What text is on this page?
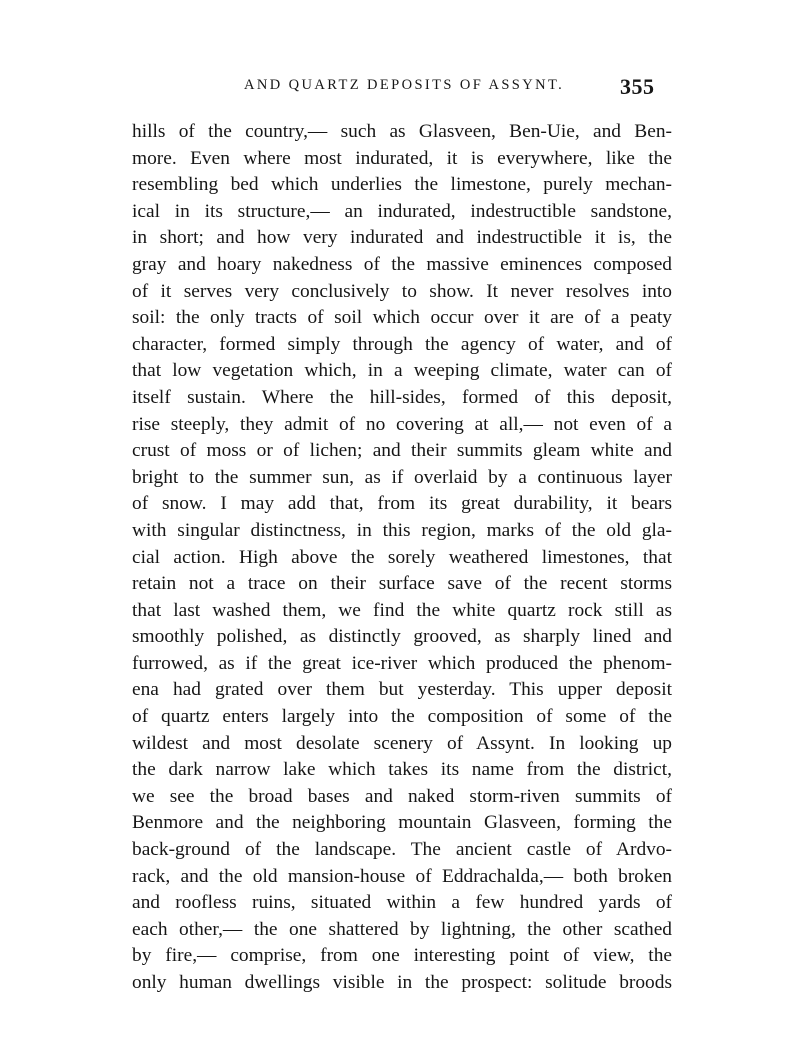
AND QUARTZ DEPOSITS OF ASSYNT.	355
hills of the country,— such as Glasveen, Ben-Uie, and Ben-
more. Even where most indurated, it is everywhere, like the
resembling bed which underlies the limestone, purely mechan-
ical in its structure,— an indurated, indestructible sandstone,
in short; and how very indurated and indestructible it is, the
gray and hoary nakedness of the massive eminences composed
of it serves very conclusively to show. It never resolves into
soil: the only tracts of soil which occur over it are of a peaty
character, formed simply through the agency of water, and of
that low vegetation which, in a weeping climate, water can of
itself sustain. Where the hill-sides, formed of this deposit,
rise steeply, they admit of no covering at all,— not even of a
crust of moss or of lichen; and their summits gleam white and
bright to the summer sun, as if overlaid by a continuous layer
of snow. I may add that, from its great durability, it bears
with singular distinctness, in this region, marks of the old gla-
cial action. High above the sorely weathered limestones, that
retain not a trace on their surface save of the recent storms
that last washed them, we find the white quartz rock still as
smoothly polished, as distinctly grooved, as sharply lined and
furrowed, as if the great ice-river which produced the phenom-
ena had grated over them but yesterday. This upper deposit
of quartz enters largely into the composition of some of the
wildest and most desolate scenery of Assynt. In looking up
the dark narrow lake which takes its name from the district,
we see the broad bases and naked storm-riven summits of
Benmore and the neighboring mountain Glasveen, forming the
back-ground of the landscape. The ancient castle of Ardvo-
rack, and the old mansion-house of Eddrachalda,— both broken
and roofless ruins, situated within a few hundred yards of
each other,— the one shattered by lightning, the other scathed
by fire,— comprise, from one interesting point of view, the
only human dwellings visible in the prospect: solitude broods
